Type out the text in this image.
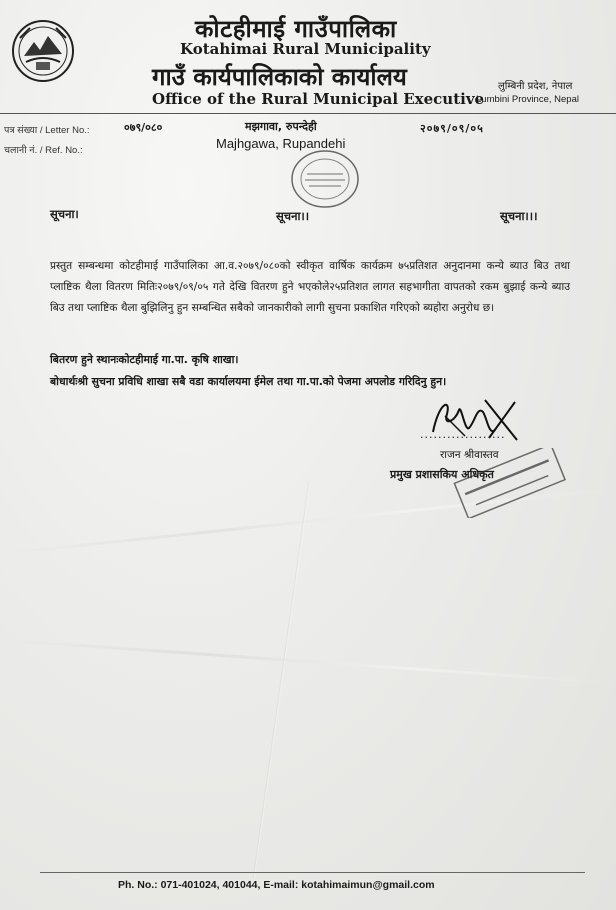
कोटहीमाई गाउँपालिका
Kotahimai Rural Municipality
गाउँ कार्यपालिकाको कार्यालय
Office of the Rural Municipal Executive
लुम्बिनी प्रदेश, नेपाल
Lumbini Province, Nepal
पत्र संख्या / Letter No.:	०७९/०८०
चलानी नं. / Ref. No.:
मझगावा, रुपन्देही
Majhgawa, Rupandehi
२०७९/०९/०५
सूचना।	सूचना।।	सूचना।।।
प्रस्तुत सम्बन्धमा कोटहीमाई गाउँपालिका आ.व.२०७९/०८०को स्वीकृत वार्षिक कार्यक्रम ७५प्रतिशत अनुदानमा कन्ये ब्याउ बिउ तथा प्लाष्टिक थैला वितरण मितिः२०७९/०९/०५ गते देखि वितरण हुने भएकोले२५प्रतिशत लागत सहभागीता वापतको रकम बुझाई कन्ये ब्याउ बिउ तथा प्लाष्टिक थैला बुझिलिनु हुन सम्बन्धित सबैको जानकारीको लागी सुचना प्रकाशित गरिएको ब्यहोरा अनुरोध छ।
बितरण हुने स्थानःकोटहीमाई गा.पा. कृषि शाखा।
बोधार्थःश्री सुचना प्रविधि शाखा सबै वडा कार्यालयमा ईमेल तथा गा.पा.को पेजमा अपलोड गरिदिनु हुन।
...................
राजन श्रीवास्तव
प्रमुख प्रशासकिय अधिकृत
Ph. No.: 071-401024, 401044, E-mail: kotahimaimun@gmail.com
